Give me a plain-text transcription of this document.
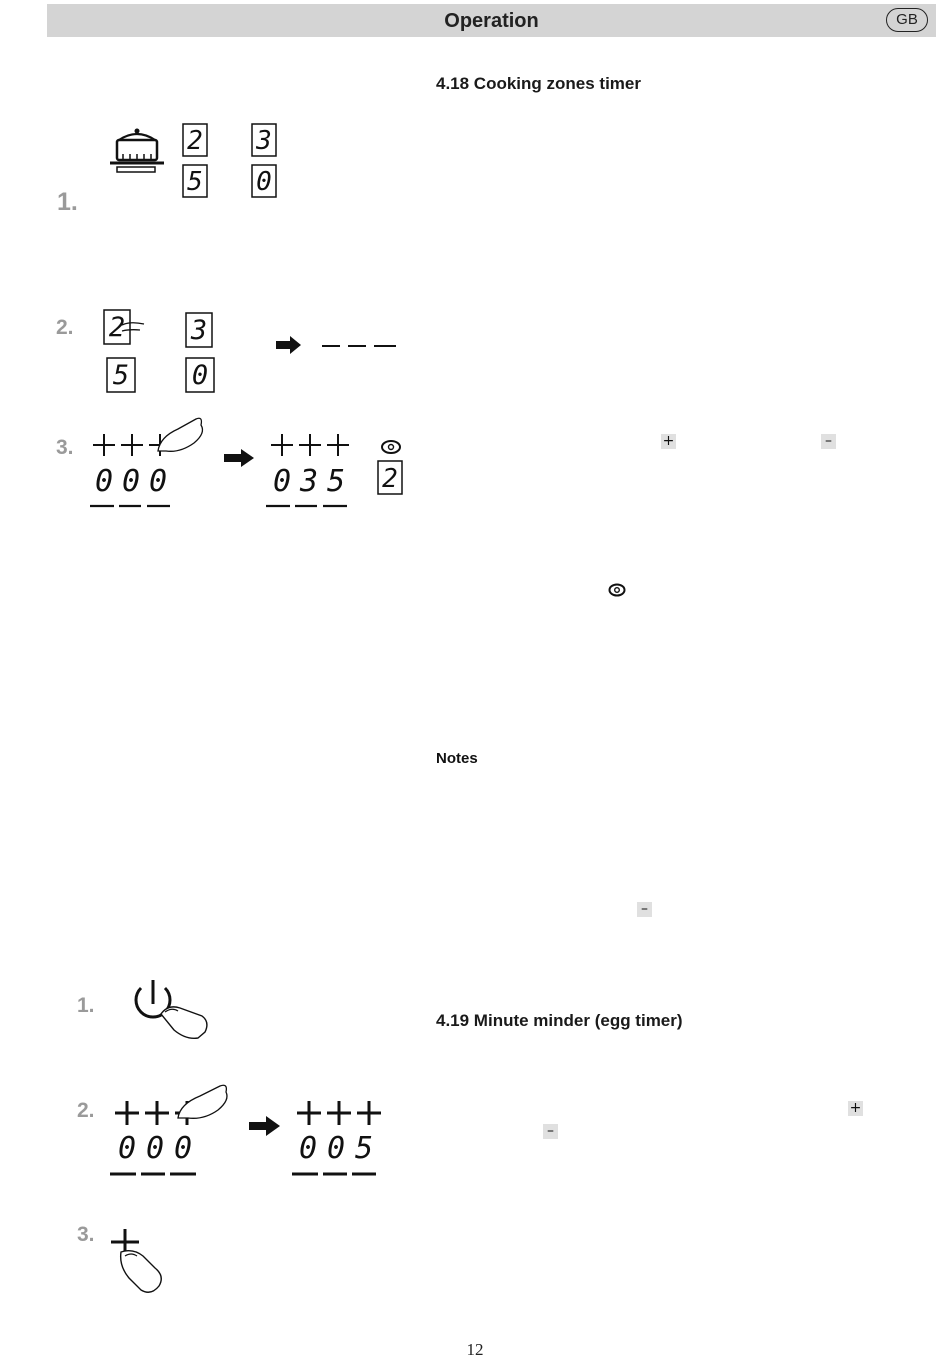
Operation	GB
4.18 Cooking zones timer
+	–
Notes
–
4.19 Minute minder (egg timer)
+
–
1.
2.
3.
1.
2.
3.
2 3
5 0
2 3
5 0
0 0 0	0 3 5 2
0 0 0	0 0 5
12
